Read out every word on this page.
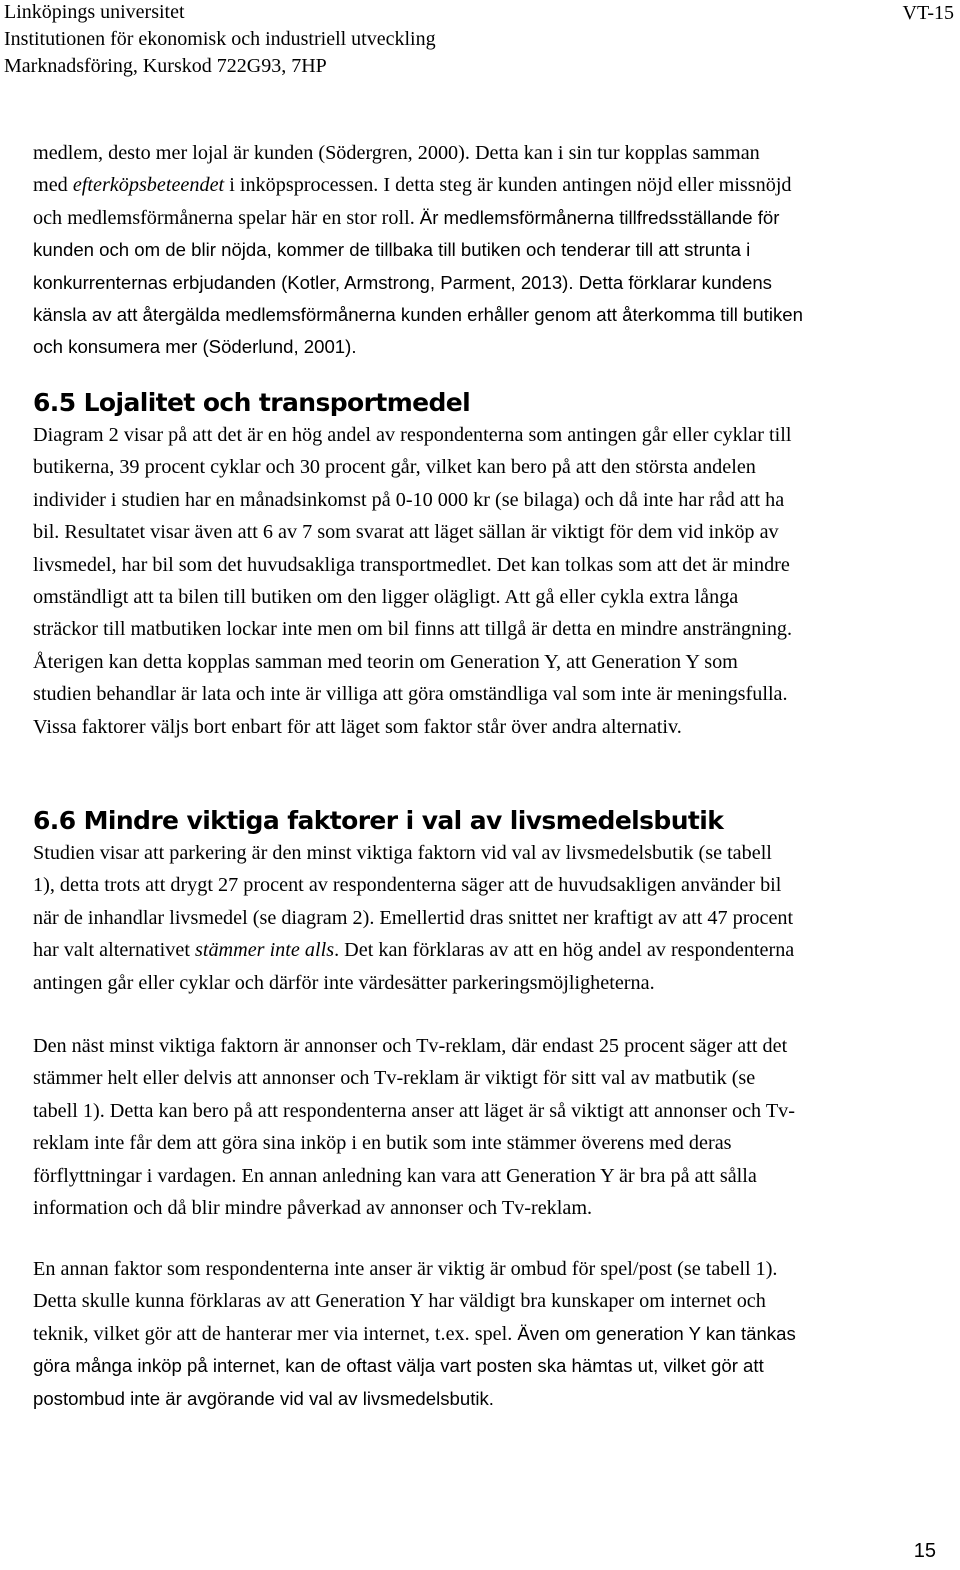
Linköpings universitet
Institutionen för ekonomisk och industriell utveckling
Marknadsföring, Kurskod 722G93, 7HP
VT-15
medlem, desto mer lojal är kunden (Södergren, 2000). Detta kan i sin tur kopplas samman
med efterköpsbeteendet i inköpsprocessen. I detta steg är kunden antingen nöjd eller missnöjd
och medlemsförmånerna spelar här en stor roll. Är medlemsförmånerna tillfredsställande för
kunden och om de blir nöjda, kommer de tillbaka till butiken och tenderar till att strunta i
konkurrenternas erbjudanden (Kotler, Armstrong, Parment, 2013). Detta förklarar kundens
känsla av att återgälda medlemsförmånerna kunden erhåller genom att återkomma till butiken
och konsumera mer (Söderlund, 2001).
6.5 Lojalitet och transportmedel
Diagram 2 visar på att det är en hög andel av respondenterna som antingen går eller cyklar till
butikerna, 39 procent cyklar och 30 procent går, vilket kan bero på att den största andelen
individer i studien har en månadsinkomst på 0-10 000 kr (se bilaga) och då inte har råd att ha
bil. Resultatet visar även att 6 av 7 som svarat att läget sällan är viktigt för dem vid inköp av
livsmedel, har bil som det huvudsakliga transportmedlet. Det kan tolkas som att det är mindre
omständligt att ta bilen till butiken om den ligger olägligt. Att gå eller cykla extra långa
sträckor till matbutiken lockar inte men om bil finns att tillgå är detta en mindre ansträngning.
Återigen kan detta kopplas samman med teorin om Generation Y, att Generation Y som
studien behandlar är lata och inte är villiga att göra omständliga val som inte är meningsfulla.
Vissa faktorer väljs bort enbart för att läget som faktor står över andra alternativ.
6.6 Mindre viktiga faktorer i val av livsmedelsbutik
Studien visar att parkering är den minst viktiga faktorn vid val av livsmedelsbutik (se tabell
1), detta trots att drygt 27 procent av respondenterna säger att de huvudsakligen använder bil
när de inhandlar livsmedel (se diagram 2). Emellertid dras snittet ner kraftigt av att 47 procent
har valt alternativet stämmer inte alls. Det kan förklaras av att en hög andel av respondenterna
antingen går eller cyklar och därför inte värdesätter parkeringsmöjligheterna.
Den näst minst viktiga faktorn är annonser och Tv-reklam, där endast 25 procent säger att det
stämmer helt eller delvis att annonser och Tv-reklam är viktigt för sitt val av matbutik (se
tabell 1). Detta kan bero på att respondenterna anser att läget är så viktigt att annonser och Tv-
reklam inte får dem att göra sina inköp i en butik som inte stämmer överens med deras
förflyttningar i vardagen. En annan anledning kan vara att Generation Y är bra på att sålla
information och då blir mindre påverkad av annonser och Tv-reklam.
En annan faktor som respondenterna inte anser är viktig är ombud för spel/post (se tabell 1).
Detta skulle kunna förklaras av att Generation Y har väldigt bra kunskaper om internet och
teknik, vilket gör att de hanterar mer via internet, t.ex. spel. Även om generation Y kan tänkas
göra många inköp på internet, kan de oftast välja vart posten ska hämtas ut, vilket gör att
postombud inte är avgörande vid val av livsmedelsbutik.
15
